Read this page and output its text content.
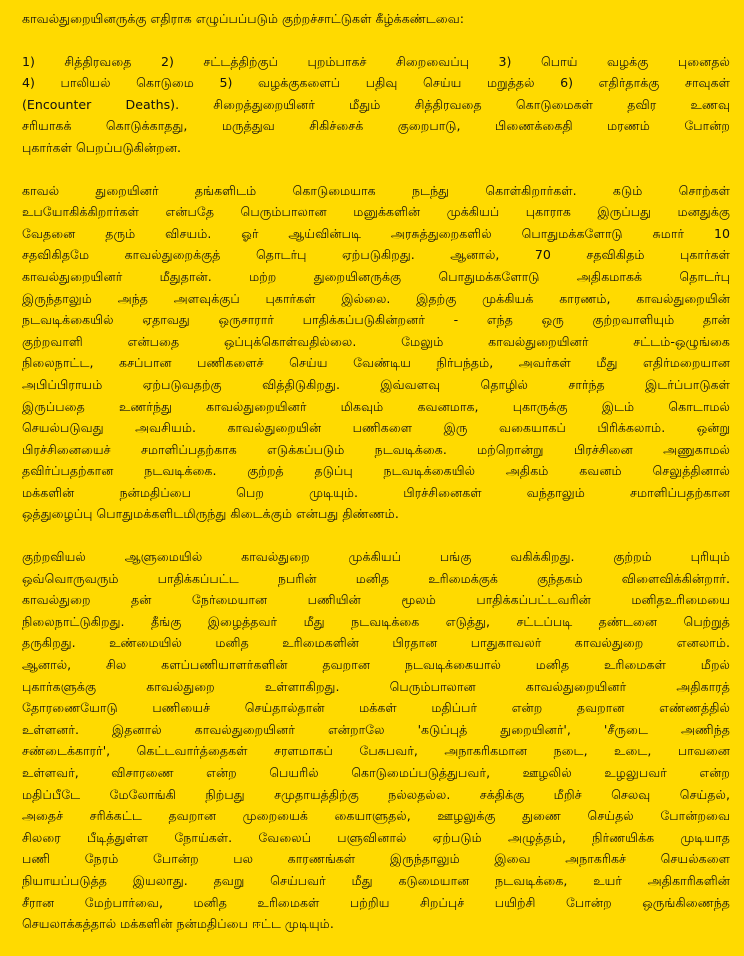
காவல்துறையினருக்கு எதிராக எழுப்பப்படும் குற்றச்சாட்டுகள் கீழ்க்கண்டவை:
1) சித்திரவதை 2) சட்டத்திற்குப் புறம்பாகச் சிறைவைப்பு 3) பொய் வழக்கு புனைதல்
4) பாலியல் கொடுமை 5) வழக்குகளைப் பதிவு செய்ய மறுத்தல் 6) எதிர்தாக்கு சாவுகள்
(Encounter Deaths). சிறைத்துறையினர் மீதும் சித்திரவதை கொடுமைகள் தவிர உணவு
சரியாகக் கொடுக்காதது, மருத்துவ சிகிச்சைக் குறைபாடு, பிணைக்கைதி மரணம் போன்ற
புகார்கள் பெறப்படுகின்றன.
காவல் துறையினர் தங்களிடம் கொடுமையாக நடந்து கொள்கிறார்கள். கடும் சொற்கள்
உபயோகிக்கிறார்கள் என்பதே பெரும்பாலான மனுக்களின் முக்கியப் புகாராக இருப்பது மனதுக்கு
வேதனை தரும் விசயம். ஓர் ஆய்வின்படி அரசுத்துறைகளில் பொதுமக்களோடு சுமார் 10
சதவிகிதமே காவல்துறைக்குத் தொடர்பு ஏற்படுகிறது. ஆனால், 70 சதவிகிதம் புகார்கள்
காவல்துறையினர் மீதுதான். மற்ற துறையினருக்கு பொதுமக்களோடு அதிகமாகக் தொடர்பு
இருந்தாலும் அந்த அளவுக்குப் புகார்கள் இல்லை. இதற்கு முக்கியக் காரணம், காவல்துறையின்
நடவடிக்கையில் ஏதாவது ஒருசாரார் பாதிக்கப்படுகின்றனர் - எந்த ஒரு குற்றவாளியும் தான்
குற்றவாளி என்பதை ஒப்புக்கொள்வதில்லை. மேலும் காவல்துறையினர் சட்டம்-ஒழுங்கை
நிலைநாட்ட, கசப்பான பணிகளைச் செய்ய வேண்டிய நிர்பந்தம், அவர்கள் மீது எதிர்மறையான
அபிப்பிராயம் ஏற்படுவதற்கு வித்திடுகிறது. இவ்வளவு தொழில் சார்ந்த இடர்ப்பாடுகள்
இருப்பதை உணர்ந்து காவல்துறையினர் மிகவும் கவனமாக, புகாருக்கு இடம் கொடாமல்
செயல்படுவது அவசியம். காவல்துறையின் பணிகளை இரு வகையாகப் பிரிக்கலாம். ஒன்று
பிரச்சினையைச் சமாளிப்பதற்காக எடுக்கப்படும் நடவடிக்கை. மற்றொன்று பிரச்சினை அணுகாமல்
தவிர்ப்பதற்கான நடவடிக்கை. குற்றத் தடுப்பு நடவடிக்கையில் அதிகம் கவனம் செலுத்தினால்
மக்களின் நன்மதிப்பை பெற முடியும். பிரச்சினைகள் வந்தாலும் சமாளிப்பதற்கான
ஒத்துழைப்பு பொதுமக்களிடமிருந்து கிடைக்கும் என்பது திண்ணம்.
குற்றவியல் ஆளுமையில் காவல்துறை முக்கியப் பங்கு வகிக்கிறது. குற்றம் புரியும்
ஒவ்வொருவரும் பாதிக்கப்பட்ட நபரின் மனித உரிமைக்குக் குந்தகம் விளைவிக்கின்றார்.
காவல்துறை தன் நேர்மையான பணியின் மூலம் பாதிக்கப்பட்டவரின் மனிதஉரிமையை
நிலைநாட்டுகிறது. தீங்கு இழைத்தவர் மீது நடவடிக்கை எடுத்து, சட்டப்படி தண்டனை பெற்றுத்
தருகிறது. உண்மையில் மனித உரிமைகளின் பிரதான பாதுகாவலர் காவல்துறை எனலாம்.
ஆனால், சில களப்பணியாளர்களின் தவறான நடவடிக்கையால் மனித உரிமைகள் மீறல்
புகார்களுக்கு காவல்துறை உள்ளாகிறது. பெரும்பாலான காவல்துறையினர் அதிகாரத்
தோரணையோடு பணியைச் செய்தால்தான் மக்கள் மதிப்பர் என்ற தவறான எண்ணத்தில்
உள்ளனர். இதனால் காவல்துறையினர் என்றாலே 'கடுப்புத் துறையினர்', 'சீருடை அணிந்த
சண்டைக்காரர்', கெட்டவார்த்தைகள் சரளமாகப் பேசுபவர், அநாகரிகமான நடை, உடை, பாவனை
உள்ளவர், விசாரணை என்ற பெயரில் கொடுமைப்படுத்துபவர், ஊழலில் உழலுபவர் என்ற
மதிப்பீடே மேலோங்கி நிற்பது சமுதாயத்திற்கு நல்லதல்ல. சக்திக்கு மீறிச் செலவு செய்தல்,
அதைச் சரிக்கட்ட தவறான முறையைக் கையாளுதல், ஊழலுக்கு துணை செய்தல் போன்றவை
சிலரை பீடித்துள்ள நோய்கள். வேலைப் பளுவினால் ஏற்படும் அழுத்தம், நிர்ணயிக்க முடியாத
பணி நேரம் போன்ற பல காரணங்கள் இருந்தாலும் இவை அநாகரிகச் செயல்களை
நியாயப்படுத்த இயலாது. தவறு செய்பவர் மீது கடுமையான நடவடிக்கை, உயர் அதிகாரிகளின்
சீரான மேற்பார்வை, மனித உரிமைகள் பற்றிய சிறப்புச் பயிற்சி போன்ற ஒருங்கிணைந்த
செயலாக்கத்தால் மக்களின் நன்மதிப்பை ஈட்ட முடியும்.
